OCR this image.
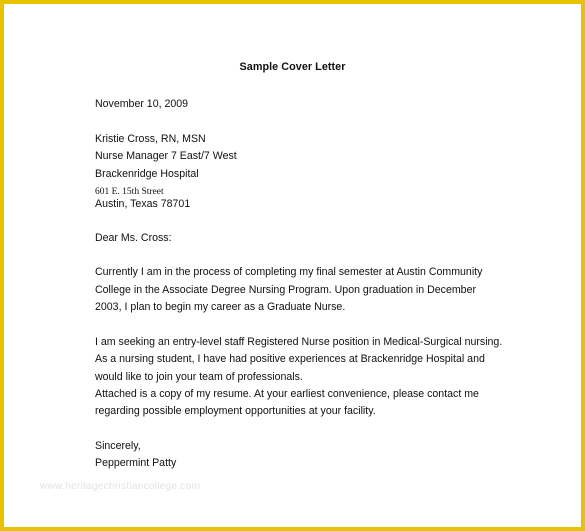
Sample Cover Letter
November 10, 2009
Kristie Cross, RN, MSN
Nurse Manager 7 East/7 West
Brackenridge Hospital
601 E. 15th Street
Austin, Texas 78701
Dear Ms. Cross:
Currently I am in the process of completing my final semester at Austin Community
College in the Associate Degree Nursing Program. Upon graduation in December
2003, I plan to begin my career as a Graduate Nurse.
I am seeking an entry-level staff Registered Nurse position in Medical-Surgical nursing.
As a nursing student, I have had positive experiences at Brackenridge Hospital and
would like to join your team of professionals.
Attached is a copy of my resume. At your earliest convenience, please contact me
regarding possible employment opportunities at your facility.
Sincerely,
Peppermint Patty
www.heritagechristiancollege.com
